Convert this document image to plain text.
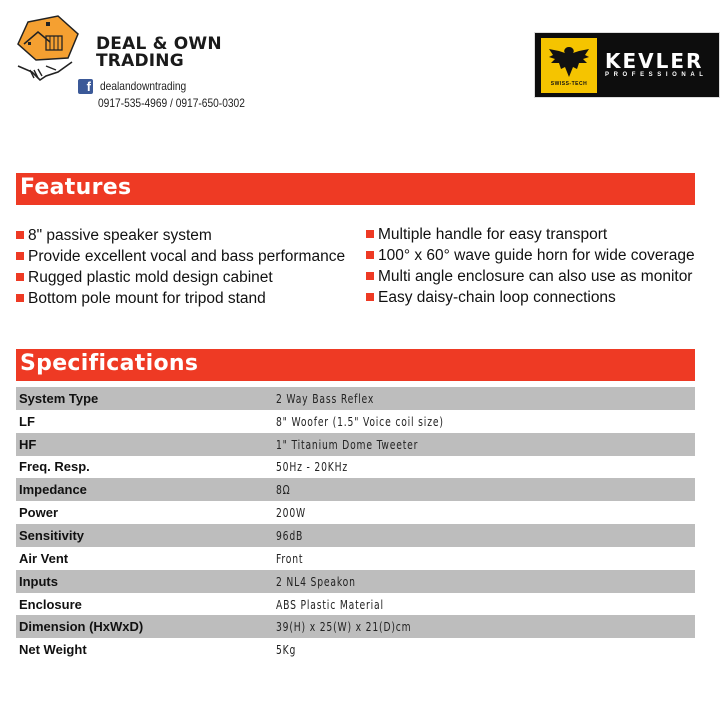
DEAL & OWN
TRADING
f dealandowntrading
0917-535-4969 / 0917-650-0302
SWISS-TECH
KEVLER
PROFESSIONAL
Features
8" passive speaker system
Provide excellent vocal and bass performance
Rugged plastic mold design cabinet
Bottom pole mount for tripod stand
Multiple handle for easy transport
100° x 60° wave guide horn for wide coverage
Multi angle enclosure can also use as monitor
Easy daisy-chain loop connections
Specifications
System Type	2 Way Bass Reflex
LF	8" Woofer (1.5" Voice coil size)
HF	1" Titanium Dome Tweeter
Freq. Resp.	50Hz - 20KHz
Impedance	8Ω
Power	200W
Sensitivity	96dB
Air Vent	Front
Inputs	2 NL4 Speakon
Enclosure	ABS Plastic Material
Dimension (HxWxD)	39(H) x 25(W) x 21(D)cm
Net Weight	5Kg
